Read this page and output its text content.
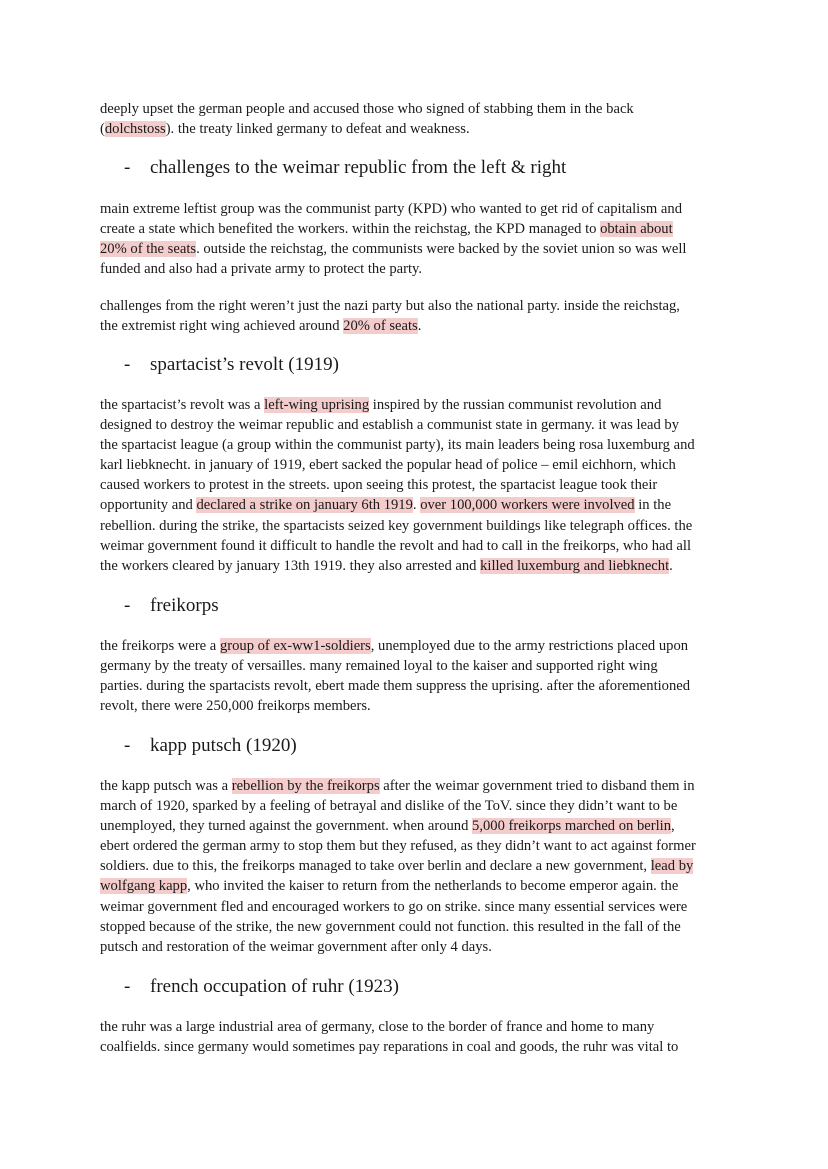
deeply upset the german people and accused those who signed of stabbing them in the back
(dolchstoss). the treaty linked germany to defeat and weakness.
- challenges to the weimar republic from the left & right
main extreme leftist group was the communist party (KPD) who wanted to get rid of capitalism and
create a state which benefited the workers. within the reichstag, the KPD managed to obtain about
20% of the seats. outside the reichstag, the communists were backed by the soviet union so was well
funded and also had a private army to protect the party.
challenges from the right weren’t just the nazi party but also the national party. inside the reichstag,
the extremist right wing achieved around 20% of seats.
- spartacist’s revolt (1919)
the spartacist’s revolt was a left-wing uprising inspired by the russian communist revolution and
designed to destroy the weimar republic and establish a communist state in germany. it was lead by
the spartacist league (a group within the communist party), its main leaders being rosa luxemburg and
karl liebknecht. in january of 1919, ebert sacked the popular head of police – emil eichhorn, which
caused workers to protest in the streets. upon seeing this protest, the spartacist league took their
opportunity and declared a strike on january 6th 1919. over 100,000 workers were involved in the
rebellion. during the strike, the spartacists seized key government buildings like telegraph offices. the
weimar government found it difficult to handle the revolt and had to call in the freikorps, who had all
the workers cleared by january 13th 1919. they also arrested and killed luxemburg and liebknecht.
- freikorps
the freikorps were a group of ex-ww1-soldiers, unemployed due to the army restrictions placed upon
germany by the treaty of versailles. many remained loyal to the kaiser and supported right wing
parties. during the spartacists revolt, ebert made them suppress the uprising. after the aforementioned
revolt, there were 250,000 freikorps members.
- kapp putsch (1920)
the kapp putsch was a rebellion by the freikorps after the weimar government tried to disband them in
march of 1920, sparked by a feeling of betrayal and dislike of the ToV. since they didn’t want to be
unemployed, they turned against the government. when around 5,000 freikorps marched on berlin,
ebert ordered the german army to stop them but they refused, as they didn’t want to act against former
soldiers. due to this, the freikorps managed to take over berlin and declare a new government, lead by
wolfgang kapp, who invited the kaiser to return from the netherlands to become emperor again. the
weimar government fled and encouraged workers to go on strike. since many essential services were
stopped because of the strike, the new government could not function. this resulted in the fall of the
putsch and restoration of the weimar government after only 4 days.
- french occupation of ruhr (1923)
the ruhr was a large industrial area of germany, close to the border of france and home to many
coalfields. since germany would sometimes pay reparations in coal and goods, the ruhr was vital to
